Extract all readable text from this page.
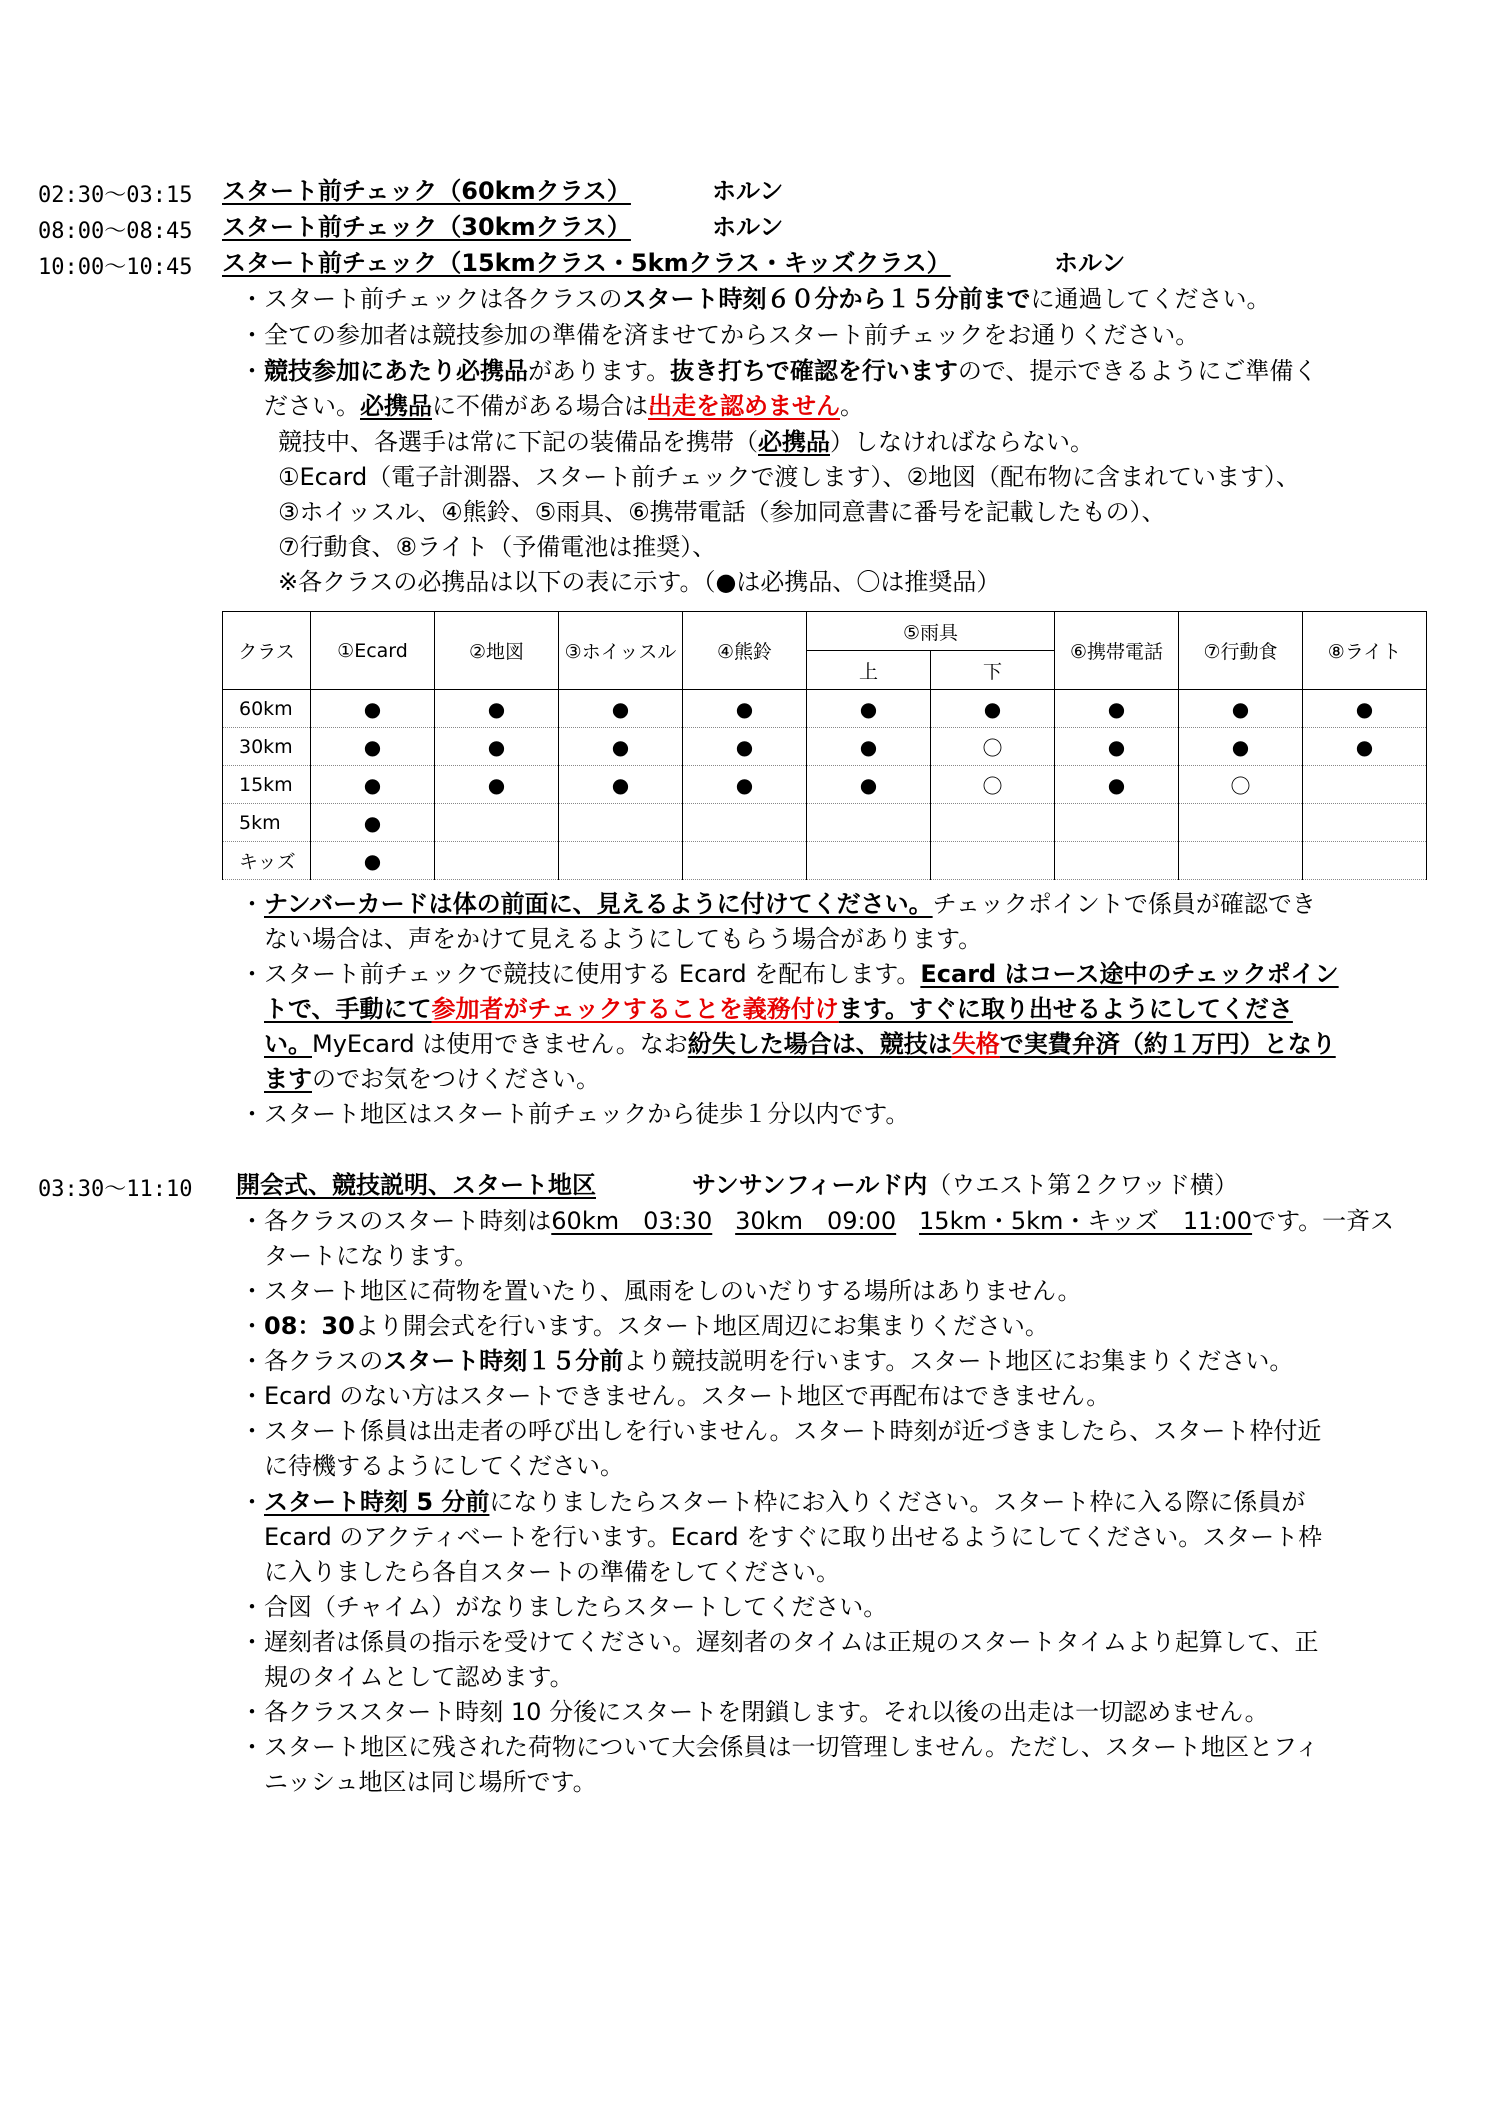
02:30～03:15 スタート前チェック（60kmクラス）	ホルン
08:00～08:45 スタート前チェック（30kmクラス）	ホルン
10:00～10:45 スタート前チェック（15kmクラス・5kmクラス・キッズクラス）	ホルン
・スタート前チェックは各クラスのスタート時刻６０分から１５分前までに通過してください。
・全ての参加者は競技参加の準備を済ませてからスタート前チェックをお通りください。
・競技参加にあたり必携品があります。抜き打ちで確認を行いますので、提示できるようにご準備く
ださい。必携品に不備がある場合は出走を認めません。
競技中、各選手は常に下記の装備品を携帯（必携品）しなければならない。
①Ecard（電子計測器、スタート前チェックで渡します）、②地図（配布物に含まれています）、
③ホイッスル、④熊鈴、⑤雨具、⑥携帯電話（参加同意書に番号を記載したもの）、
⑦行動食、⑧ライト（予備電池は推奨）、
※各クラスの必携品は以下の表に示す。（●は必携品、〇は推奨品）
クラス	①Ecard	②地図	③ホイッスル	④熊鈴	⑤雨具		⑥携帯電話	⑦行動食	⑧ライト
					上	下			
60km	●	●	●	●	●	●	●	●	●
30km	●	●	●	●	●	〇	●	●	●
15km	●	●	●	●	●	〇	●	〇	
5km	●								
キッズ	●								
・ナンバーカードは体の前面に、見えるように付けてください。チェックポイントで係員が確認でき
ない場合は、声をかけて見えるようにしてもらう場合があります。
・スタート前チェックで競技に使用する Ecard を配布します。Ecard はコース途中のチェックポイン
トで、手動にて参加者がチェックすることを義務付けます。すぐに取り出せるようにしてくださ
い。MyEcard は使用できません。なお紛失した場合は、競技は失格で実費弁済（約１万円）となり
ますのでお気をつけください。
・スタート地区はスタート前チェックから徒歩１分以内です。
03:30～11:10 開会式、競技説明、スタート地区	サンサンフィールド内（ウエスト第２クワッド横）
・各クラスのスタート時刻は60km　03:30 30km　09:00 15km・5km・キッズ　11:00です。一斉ス
タートになります。
・スタート地区に荷物を置いたり、風雨をしのいだりする場所はありません。
・08：30より開会式を行います。スタート地区周辺にお集まりください。
・各クラスのスタート時刻１５分前より競技説明を行います。スタート地区にお集まりください。
・Ecard のない方はスタートできません。スタート地区で再配布はできません。
・スタート係員は出走者の呼び出しを行いません。スタート時刻が近づきましたら、スタート枠付近
に待機するようにしてください。
・スタート時刻 5 分前になりましたらスタート枠にお入りください。スタート枠に入る際に係員が
Ecard のアクティベートを行います。Ecard をすぐに取り出せるようにしてください。スタート枠
に入りましたら各自スタートの準備をしてください。
・合図（チャイム）がなりましたらスタートしてください。
・遅刻者は係員の指示を受けてください。遅刻者のタイムは正規のスタートタイムより起算して、正
規のタイムとして認めます。
・各クラススタート時刻 10 分後にスタートを閉鎖します。それ以後の出走は一切認めません。
・スタート地区に残された荷物について大会係員は一切管理しません。ただし、スタート地区とフィ
ニッシュ地区は同じ場所です。
